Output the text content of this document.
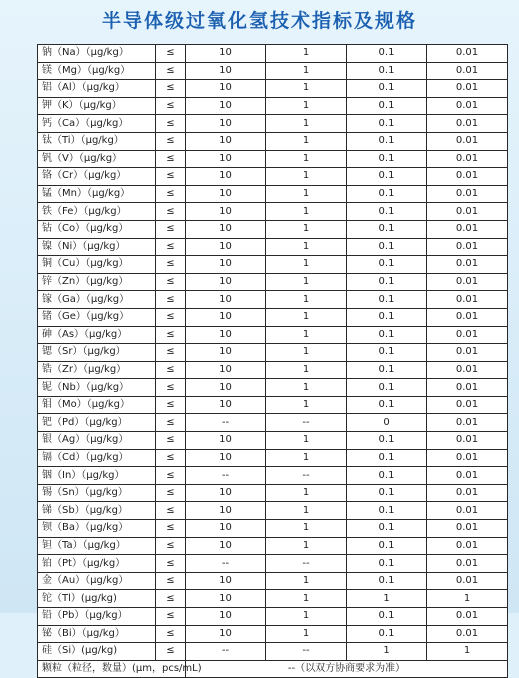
半导体级过氧化氢技术指标及规格
钠（Na）（μg/kg）	≤	10	1	0.1	0.01
镁（Mg）（μg/kg）	≤	10	1	0.1	0.01
铝（Al）（μg/kg）	≤	10	1	0.1	0.01
钾（K）（μg/kg）	≤	10	1	0.1	0.01
钙（Ca）（μg/kg）	≤	10	1	0.1	0.01
钛（Ti）（μg/kg）	≤	10	1	0.1	0.01
钒（V）（μg/kg）	≤	10	1	0.1	0.01
铬（Cr）（μg/kg）	≤	10	1	0.1	0.01
锰（Mn）（μg/kg）	≤	10	1	0.1	0.01
铁（Fe）（μg/kg）	≤	10	1	0.1	0.01
钴（Co）（μg/kg）	≤	10	1	0.1	0.01
镍（Ni）（μg/kg）	≤	10	1	0.1	0.01
铜（Cu）（μg/kg）	≤	10	1	0.1	0.01
锌（Zn）（μg/kg）	≤	10	1	0.1	0.01
镓（Ga）（μg/kg）	≤	10	1	0.1	0.01
锗（Ge）（μg/kg）	≤	10	1	0.1	0.01
砷（As）（μg/kg）	≤	10	1	0.1	0.01
锶（Sr）（μg/kg）	≤	10	1	0.1	0.01
锆（Zr）（μg/kg）	≤	10	1	0.1	0.01
铌（Nb）（μg/kg）	≤	10	1	0.1	0.01
钼（Mo）（μg/kg）	≤	10	1	0.1	0.01
钯（Pd）（μg/kg）	≤	--	--	0	0.01
银（Ag）（μg/kg）	≤	10	1	0.1	0.01
镉（Cd）（μg/kg）	≤	10	1	0.1	0.01
铟（In）（μg/kg）	≤	--	--	0.1	0.01
锡（Sn）（μg/kg）	≤	10	1	0.1	0.01
锑（Sb）（μg/kg）	≤	10	1	0.1	0.01
钡（Ba）（μg/kg）	≤	10	1	0.1	0.01
钽（Ta）（μg/kg）	≤	10	1	0.1	0.01
铂（Pt）（μg/kg）	≤	--	--	0.1	0.01
金（Au）（μg/kg）	≤	10	1	0.1	0.01
铊（Tl）(μg/kg)	≤	10	1	1	1
铅（Pb）（μg/kg）	≤	10	1	0.1	0.01
铋（Bi）（μg/kg）	≤	10	1	0.1	0.01
硅（Si）(μg/kg)	≤	--	--	1	1
颗粒（粒径，数量）(μm，pcs/mL)		--（以双方协商要求为准）			
